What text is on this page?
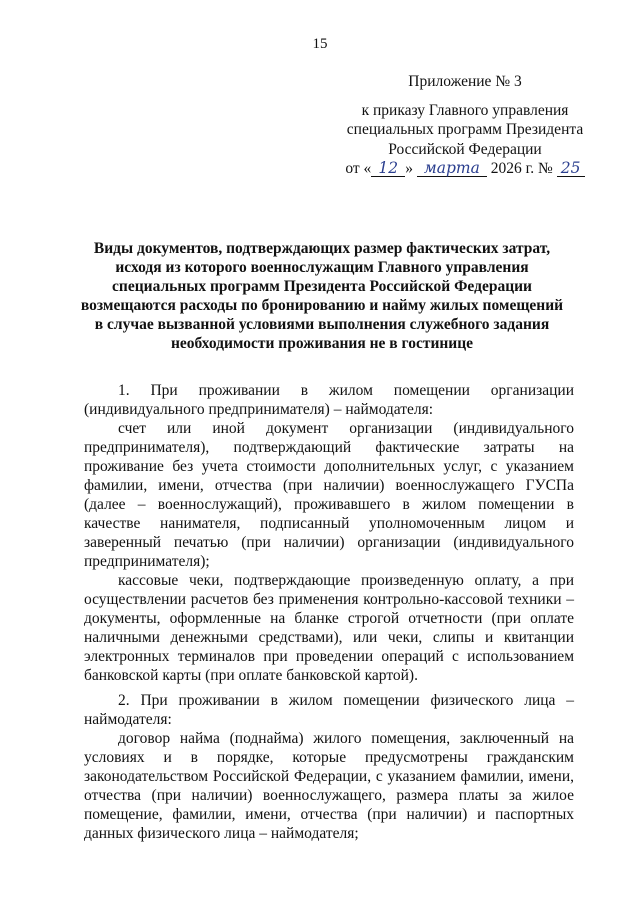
15
Приложение № 3
к приказу Главного управления
специальных программ Президента
Российской Федерации
от « 12 » марта 2026 г. № 25
Виды документов, подтверждающих размер фактических затрат,
исходя из которого военнослужащим Главного управления
специальных программ Президента Российской Федерации
возмещаются расходы по бронированию и найму жилых помещений
в случае вызванной условиями выполнения служебного задания
необходимости проживания не в гостинице

1. При проживании в жилом помещении организации (индивидуального предпринимателя) – наймодателя:

счет или иной документ организации (индивидуального предпринимателя), подтверждающий фактические затраты на проживание без учета стоимости дополнительных услуг, с указанием фамилии, имени, отчества (при наличии) военнослужащего ГУСПа (далее – военнослужащий), проживавшего в жилом помещении в качестве нанимателя, подписанный уполномоченным лицом и заверенный печатью (при наличии) организации (индивидуального предпринимателя);

кассовые чеки, подтверждающие произведенную оплату, а при осуществлении расчетов без применения контрольно-кассовой техники – документы, оформленные на бланке строгой отчетности (при оплате наличными денежными средствами), или чеки, слипы и квитанции электронных терминалов при проведении операций с использованием банковской карты (при оплате банковской картой).

2. При проживании в жилом помещении физического лица – наймодателя:

договор найма (поднайма) жилого помещения, заключенный на условиях и в порядке, которые предусмотрены гражданским законодательством Российской Федерации, с указанием фамилии, имени, отчества (при наличии) военнослужащего, размера платы за жилое помещение, фамилии, имени, отчества (при наличии) и паспортных данных физического лица – наймодателя;
